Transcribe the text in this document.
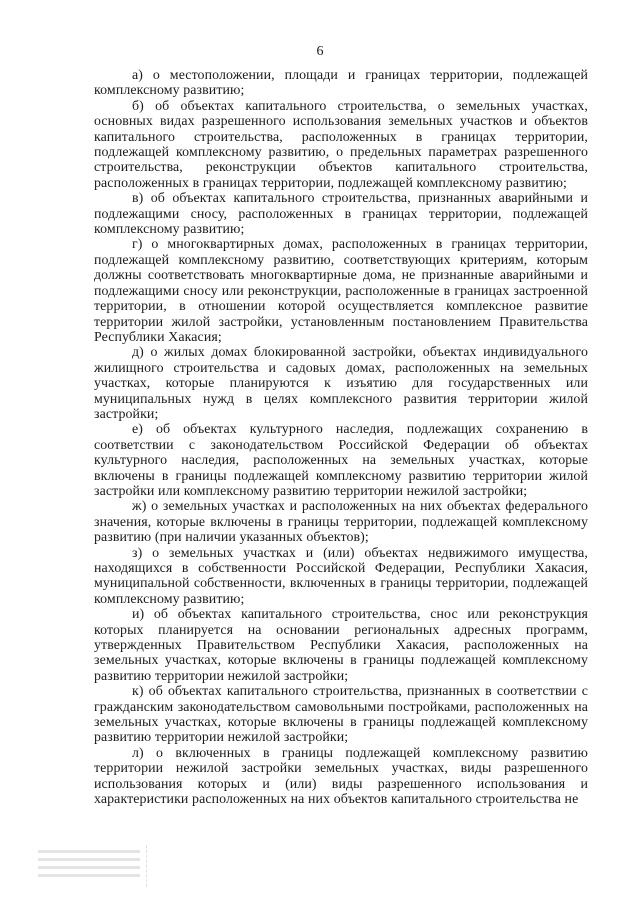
6

а) о местоположении, площади и границах территории, подлежащей комплексному развитию;

б) об объектах капитального строительства, о земельных участках, основных видах разрешенного использования земельных участков и объектов капитального строительства, расположенных в границах территории, подлежащей комплексному развитию, о предельных параметрах разрешенного строительства, реконструкции объектов капитального строительства, расположенных в границах территории, подлежащей комплексному развитию;

в) об объектах капитального строительства, признанных аварийными и подлежащими сносу, расположенных в границах территории, подлежащей комплексному развитию;

г) о многоквартирных домах, расположенных в границах территории, подлежащей комплексному развитию, соответствующих критериям, которым должны соответствовать многоквартирные дома, не признанные аварийными и подлежащими сносу или реконструкции, расположенные в границах застроенной территории, в отношении которой осуществляется комплексное развитие территории жилой застройки, установленным постановлением Правительства Республики Хакасия;

д) о жилых домах блокированной застройки, объектах индивидуального жилищного строительства и садовых домах, расположенных на земельных участках, которые планируются к изъятию для государственных или муниципальных нужд в целях комплексного развития территории жилой застройки;

е) об объектах культурного наследия, подлежащих сохранению в соответствии с законодательством Российской Федерации об объектах культурного наследия, расположенных на земельных участках, которые включены в границы подлежащей комплексному развитию территории жилой застройки или комплексному развитию территории нежилой застройки;

ж) о земельных участках и расположенных на них объектах федерального значения, которые включены в границы территории, подлежащей комплексному развитию (при наличии указанных объектов);

з) о земельных участках и (или) объектах недвижимого имущества, находящихся в собственности Российской Федерации, Республики Хакасия, муниципальной собственности, включенных в границы территории, подлежащей комплексному развитию;

и) об объектах капитального строительства, снос или реконструкция которых планируется на основании региональных адресных программ, утвержденных Правительством Республики Хакасия, расположенных на земельных участках, которые включены в границы подлежащей комплексному развитию территории нежилой застройки;

к) об объектах капитального строительства, признанных в соответствии с гражданским законодательством самовольными постройками, расположенных на земельных участках, которые включены в границы подлежащей комплексному развитию территории нежилой застройки;

л) о включенных в границы подлежащей комплексному развитию территории нежилой застройки земельных участках, виды разрешенного использования которых и (или) виды разрешенного использования и характеристики расположенных на них объектов капитального строительства не
